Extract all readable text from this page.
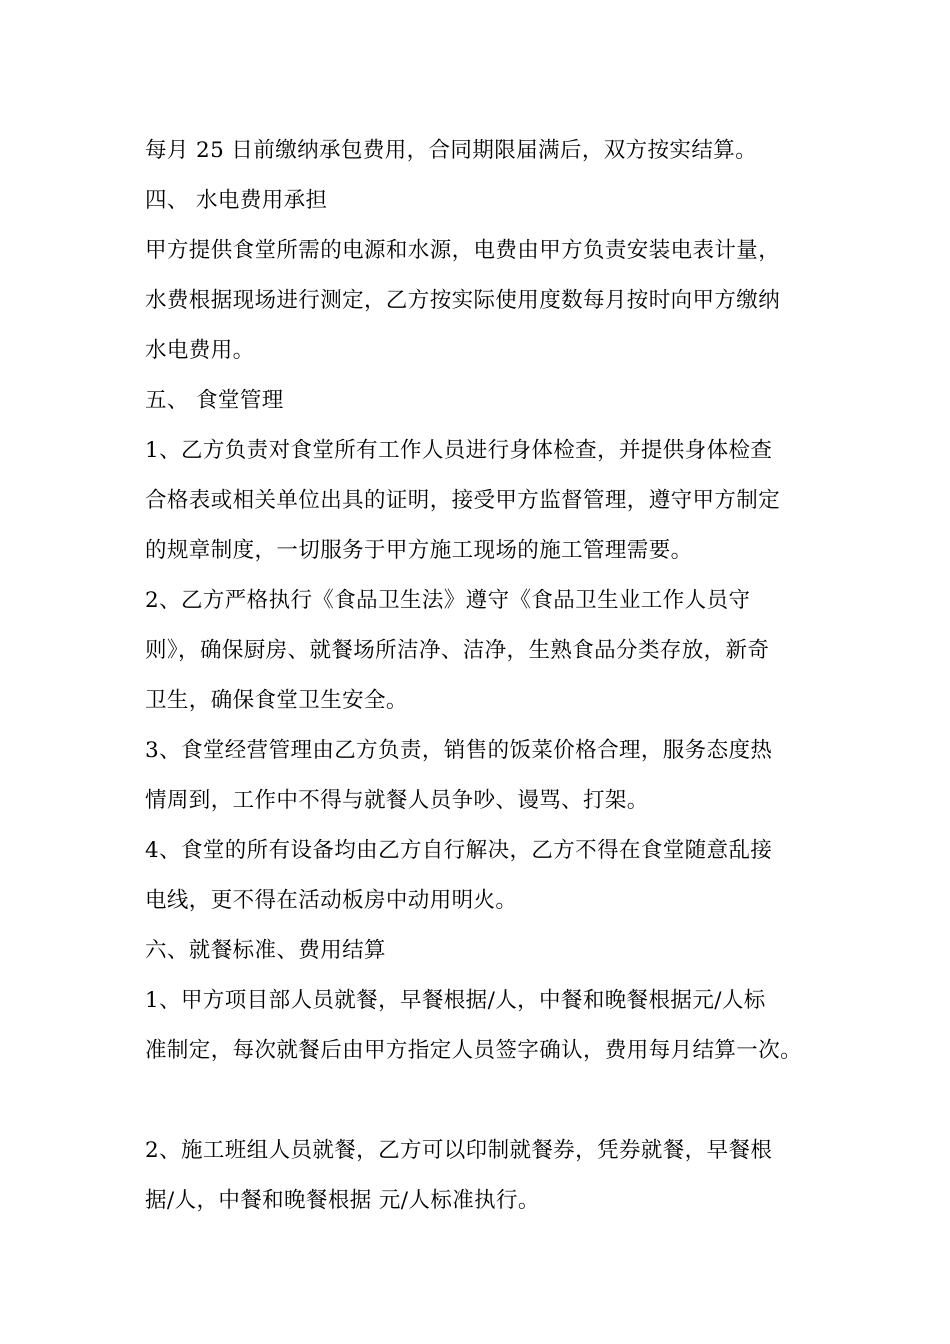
每月 25 日前缴纳承包费用，合同期限届满后，双方按实结算。
四、 水电费用承担
甲方提供食堂所需的电源和水源，电费由甲方负责安装电表计量，
水费根据现场进行测定，乙方按实际使用度数每月按时向甲方缴纳
水电费用。
五、 食堂管理
1、乙方负责对食堂所有工作人员进行身体检查，并提供身体检查
合格表或相关单位出具的证明，接受甲方监督管理，遵守甲方制定
的规章制度，一切服务于甲方施工现场的施工管理需要。
2、乙方严格执行《食品卫生法》遵守《食品卫生业工作人员守
则》，确保厨房、就餐场所洁净、洁净，生熟食品分类存放，新奇
卫生，确保食堂卫生安全。
3、食堂经营管理由乙方负责，销售的饭菜价格合理，服务态度热
情周到，工作中不得与就餐人员争吵、谩骂、打架。
4、食堂的所有设备均由乙方自行解决，乙方不得在食堂随意乱接
电线，更不得在活动板房中动用明火。
六、就餐标准、费用结算
1、甲方项目部人员就餐，早餐根据/人，中餐和晚餐根据元/人标
准制定，每次就餐后由甲方指定人员签字确认，费用每月结算一次。
2、施工班组人员就餐，乙方可以印制就餐券，凭券就餐，早餐根
据/人，中餐和晚餐根据 元/人标准执行。
